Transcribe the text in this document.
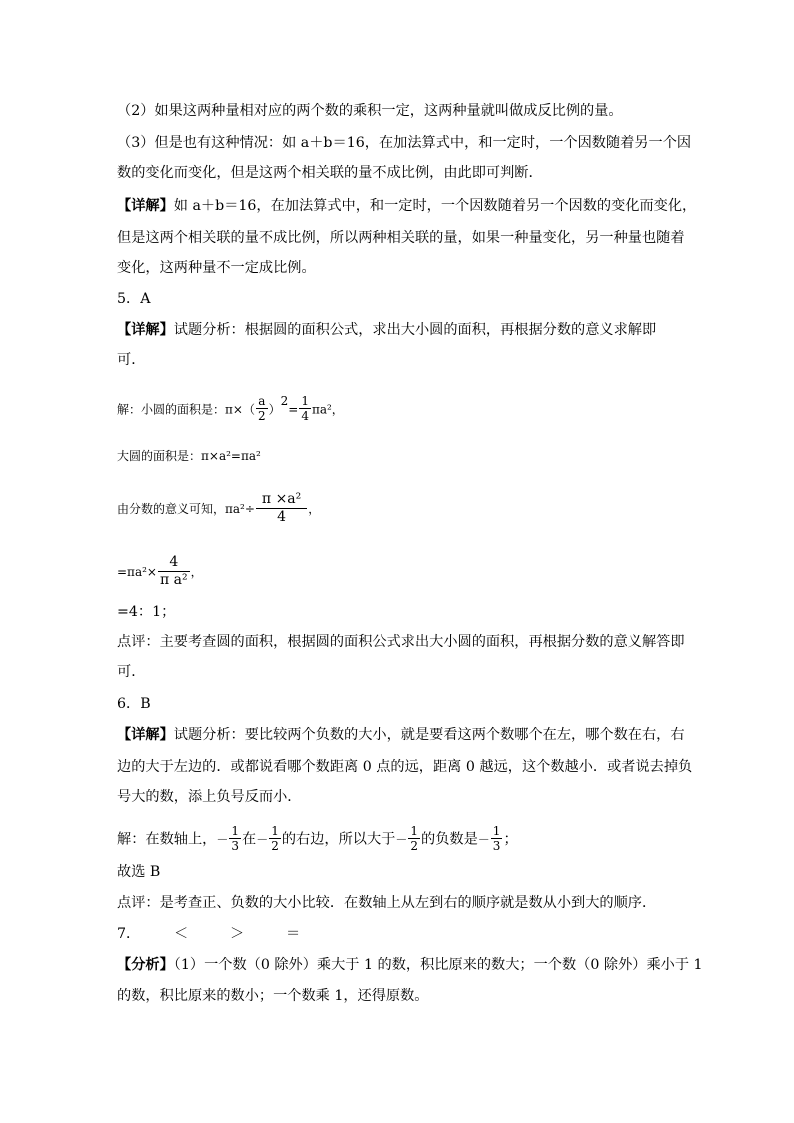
（2）如果这两种量相对应的两个数的乘积一定，这两种量就叫做成反比例的量。
（3）但是也有这种情况：如 a＋b＝16，在加法算式中，和一定时，一个因数随着另一个因
数的变化而变化，但是这两个相关联的量不成比例，由此即可判断．
【详解】如 a＋b＝16，在加法算式中，和一定时，一个因数随着另一个因数的变化而变化，
但是这两个相关联的量不成比例，所以两种相关联的量，如果一种量变化，另一种量也随着
变化，这两种量不一定成比例。
5．A
【详解】试题分析：根据圆的面积公式，求出大小圆的面积，再根据分数的意义求解即
可．
解：小圆的面积是：$\pi\times( \frac{a}{2} )^2= \frac{1}{4} \pi a^2$，
大圆的面积是：π×a²=πa²
由分数的意义可知，$\pi a^2\div \frac{\text{π ×a²}}{4}$ ，
$=\pi a^2\times \frac{4}{\text{π a²}}$ ，
=4：1；
点评：主要考查圆的面积，根据圆的面积公式求出大小圆的面积，再根据分数的意义解答即
可．
6．B
【详解】试题分析：要比较两个负数的大小，就是要看这两个数哪个在左，哪个数在右，右
边的大于左边的．或都说看哪个数距离 0 点的远，距离 0 越远，这个数越小．或者说去掉负
号大的数，添上负号反而小．
解：在数轴上，－ $\frac{1}{3}$ 在－ $\frac{1}{2}$ 的右边，所以大于－ $\frac{1}{2}$ 的负数是－ $\frac{1}{3}$ ；
故选 B
点评：是考查正、负数的大小比较．在数轴上从左到右的顺序就是数从小到大的顺序．
7． ＜	＞	＝
【分析】（1）一个数（0 除外）乘大于 1 的数，积比原来的数大；一个数（0 除外）乘小于 1
的数，积比原来的数小；一个数乘 1，还得原数。
